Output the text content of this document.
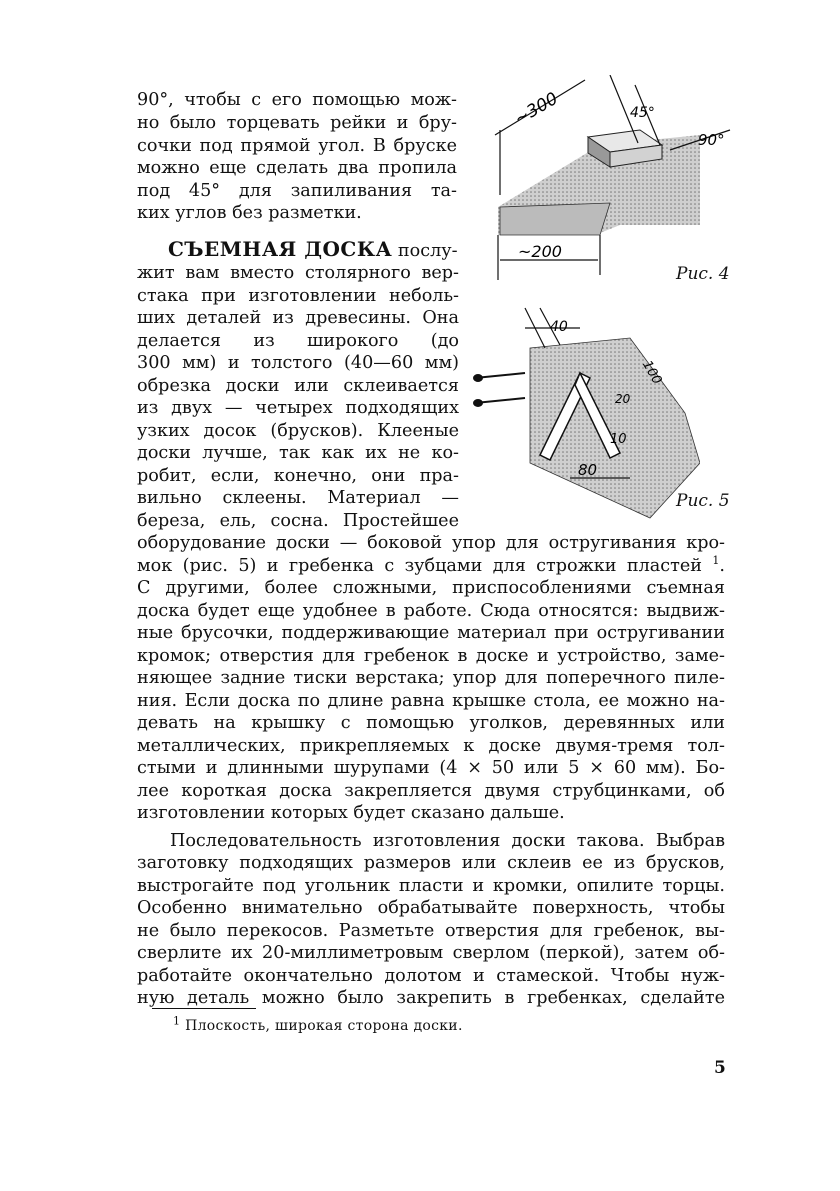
90°, чтобы с его помощью мож-
но было торцевать рейки и бру-
сочки под прямой угол. В бруске
можно еще сделать два пропила
под 45° для запиливания та-
ких углов без разметки.
СЪЕМНАЯ ДОСКА послу-
жит вам вместо столярного вер-
стака при изготовлении неболь-
ших деталей из древесины. Она
делается из широкого (до
300 мм) и толстого (40—60 мм)
обрезка доски или склеивается
из двух — четырех подходящих
узких досок (брусков). Клееные
доски лучше, так как их не ко-
робит, если, конечно, они пра-
вильно склеены. Материал —
береза, ель, сосна. Простейшее
оборудование доски — боковой упор для остругивания кро-
мок (рис. 5) и гребенка с зубцами для строжки пластей $^1$.
С другими, более сложными, приспособлениями съемная
доска будет еще удобнее в работе. Сюда относятся: выдвиж-
ные брусочки, поддерживающие материал при остругивании
кромок; отверстия для гребенок в доске и устройство, заме-
няющее задние тиски верстака; упор для поперечного пиле-
ния. Если доска по длине равна крышке стола, ее можно на-
девать на крышку с помощью уголков, деревянных или
металлических, прикрепляемых к доске двумя-тремя тол-
стыми и длинными шурупами (4 × 50 или 5 × 60 мм). Бо-
лее короткая доска закрепляется двумя струбцинками, об
изготовлении которых будет сказано дальше.
Последовательность изготовления доски такова. Выбрав
заготовку подходящих размеров или склеив ее из брусков,
выстрогайте под угольник пласти и кромки, опилите торцы.
Особенно внимательно обрабатывайте поверхность, чтобы
не было перекосов. Разметьте отверстия для гребенок, вы-
сверлите их 20-миллиметровым сверлом (перкой), затем об-
работайте окончательно долотом и стамеской. Чтобы нуж-
ную деталь можно было закрепить в гребенках, сделайте
~300	45°
90°
~200
Рис. 4
40
100
20
10
80
Рис. 5
$^1$ Плоскость, широкая сторона доски.
5
